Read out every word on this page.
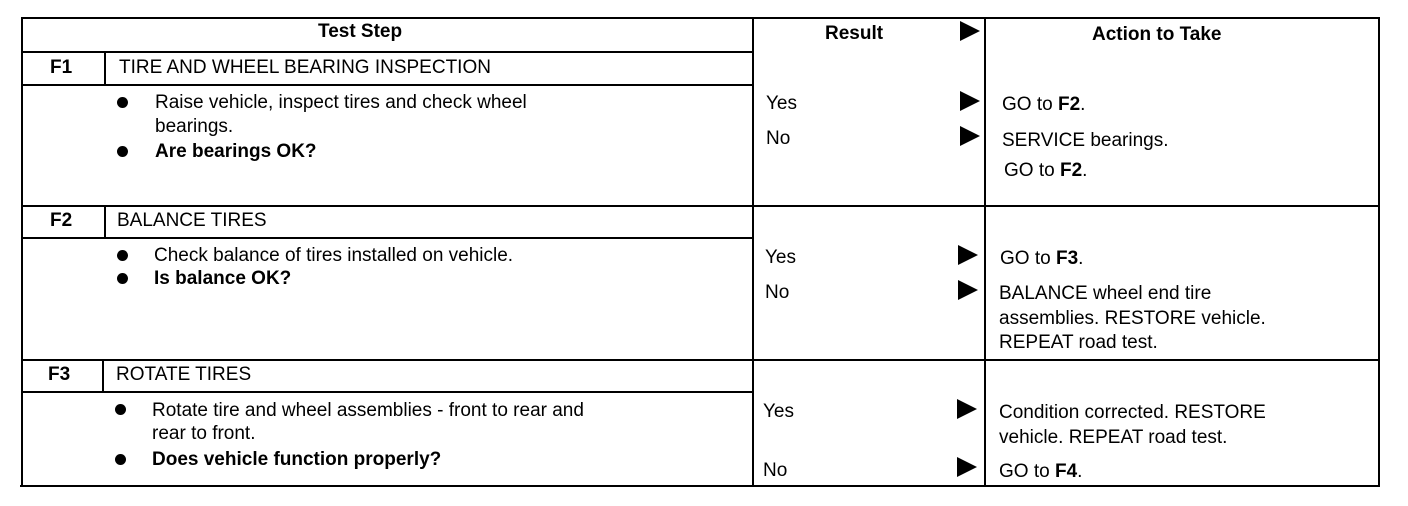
Test Step	Result	Action to Take
F1 TIRE AND WHEEL BEARING INSPECTION
Raise vehicle, inspect tires and check wheel
bearings.
Are bearings OK?
Yes	GO to F2.
No	SERVICE bearings.
GO to F2.
F2 BALANCE TIRES
Check balance of tires installed on vehicle.
Is balance OK?
Yes	GO to F3.
No	BALANCE wheel end tire
assemblies. RESTORE vehicle.
REPEAT road test.
F3 ROTATE TIRES
Rotate tire and wheel assemblies - front to rear and
rear to front.
Does vehicle function properly?
Yes	Condition corrected. RESTORE
vehicle. REPEAT road test.
No	GO to F4.
